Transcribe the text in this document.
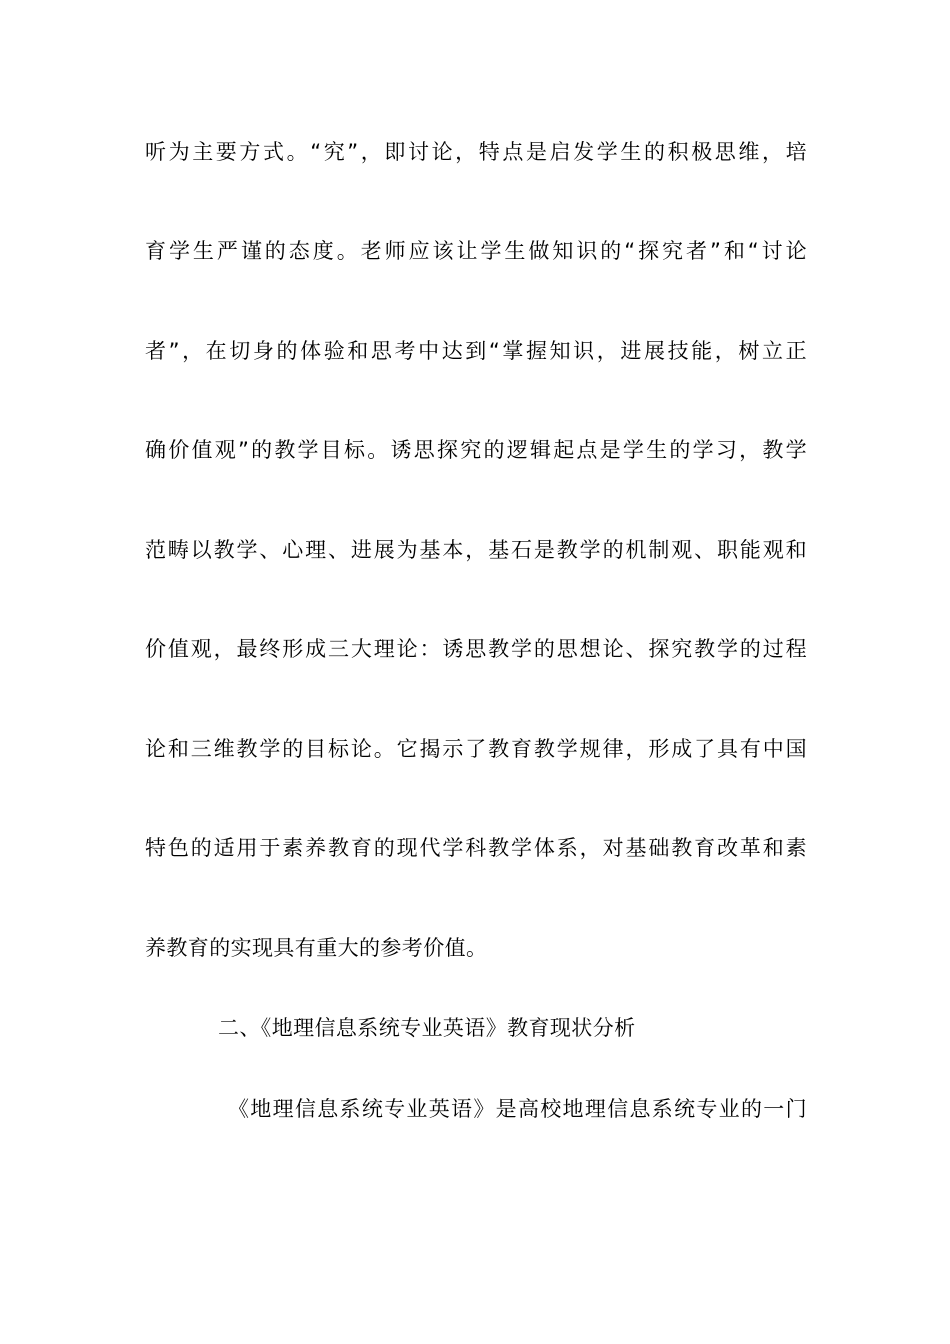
听为主要方式。“究”，即讨论，特点是启发学生的积极思维，培
育学生严谨的态度。老师应该让学生做知识的“探究者”和“讨论
者”，在切身的体验和思考中达到“掌握知识，进展技能，树立正
确价值观”的教学目标。诱思探究的逻辑起点是学生的学习，教学
范畴以教学、心理、进展为基本，基石是教学的机制观、职能观和
价值观，最终形成三大理论：诱思教学的思想论、探究教学的过程
论和三维教学的目标论。它揭示了教育教学规律，形成了具有中国
特色的适用于素养教育的现代学科教学体系，对基础教育改革和素
养教育的实现具有重大的参考价值。
二、《地理信息系统专业英语》教育现状分析
《地理信息系统专业英语》是高校地理信息系统专业的一门
